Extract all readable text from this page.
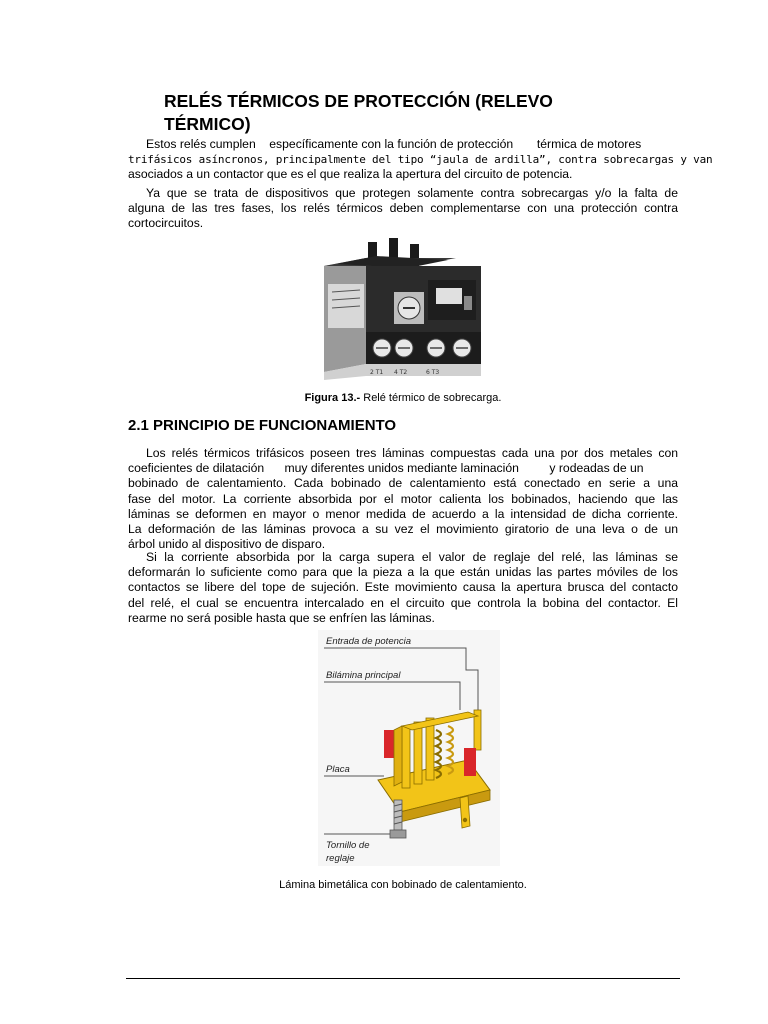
RELÉS TÉRMICOS DE PROTECCIÓN (RELEVO
TÉRMICO)
Estos relés cumplen    específicamente con la función de protección       térmica de motores
trifásicos asíncronos, principalmente del tipo “jaula de ardilla”, contra sobrecargas y van
asociados a un contactor que es el que realiza la apertura del circuito de potencia.
Ya que se trata de dispositivos que protegen solamente contra sobrecargas y/o la falta de
alguna de las tres fases, los relés térmicos deben complementarse con una protección contra
cortocircuitos.
2 T1 4 T2	6 T3
Figura 13.- Relé térmico de sobrecarga.
2.1 PRINCIPIO DE FUNCIONAMIENTO
Los relés térmicos trifásicos poseen tres láminas compuestas cada una por dos metales con
coeficientes de dilatación      muy diferentes unidos mediante laminación         y rodeadas de un
bobinado de calentamiento. Cada bobinado de calentamiento está conectado en serie a una
fase del motor. La corriente absorbida por el motor calienta los bobinados, haciendo que las
láminas se deformen en mayor o menor medida de acuerdo a la intensidad de dicha corriente.
La deformación de las láminas provoca a su vez el movimiento giratorio de una leva o de un
árbol unido al dispositivo de disparo.
Si la corriente absorbida por la carga supera el valor de reglaje del relé, las láminas se
deformarán lo suficiente como para que la pieza a la que están unidas las partes móviles de los
contactos se libere del tope de sujeción. Este movimiento causa la apertura brusca del contacto
del relé, el cual se encuentra intercalado en el circuito que controla la bobina del contactor. El
rearme no será posible hasta que se enfríen las láminas.
Entrada de potencia
Bilámina principal
Placa
Tornillo de
reglaje
Lámina bimetálica con bobinado de calentamiento.
